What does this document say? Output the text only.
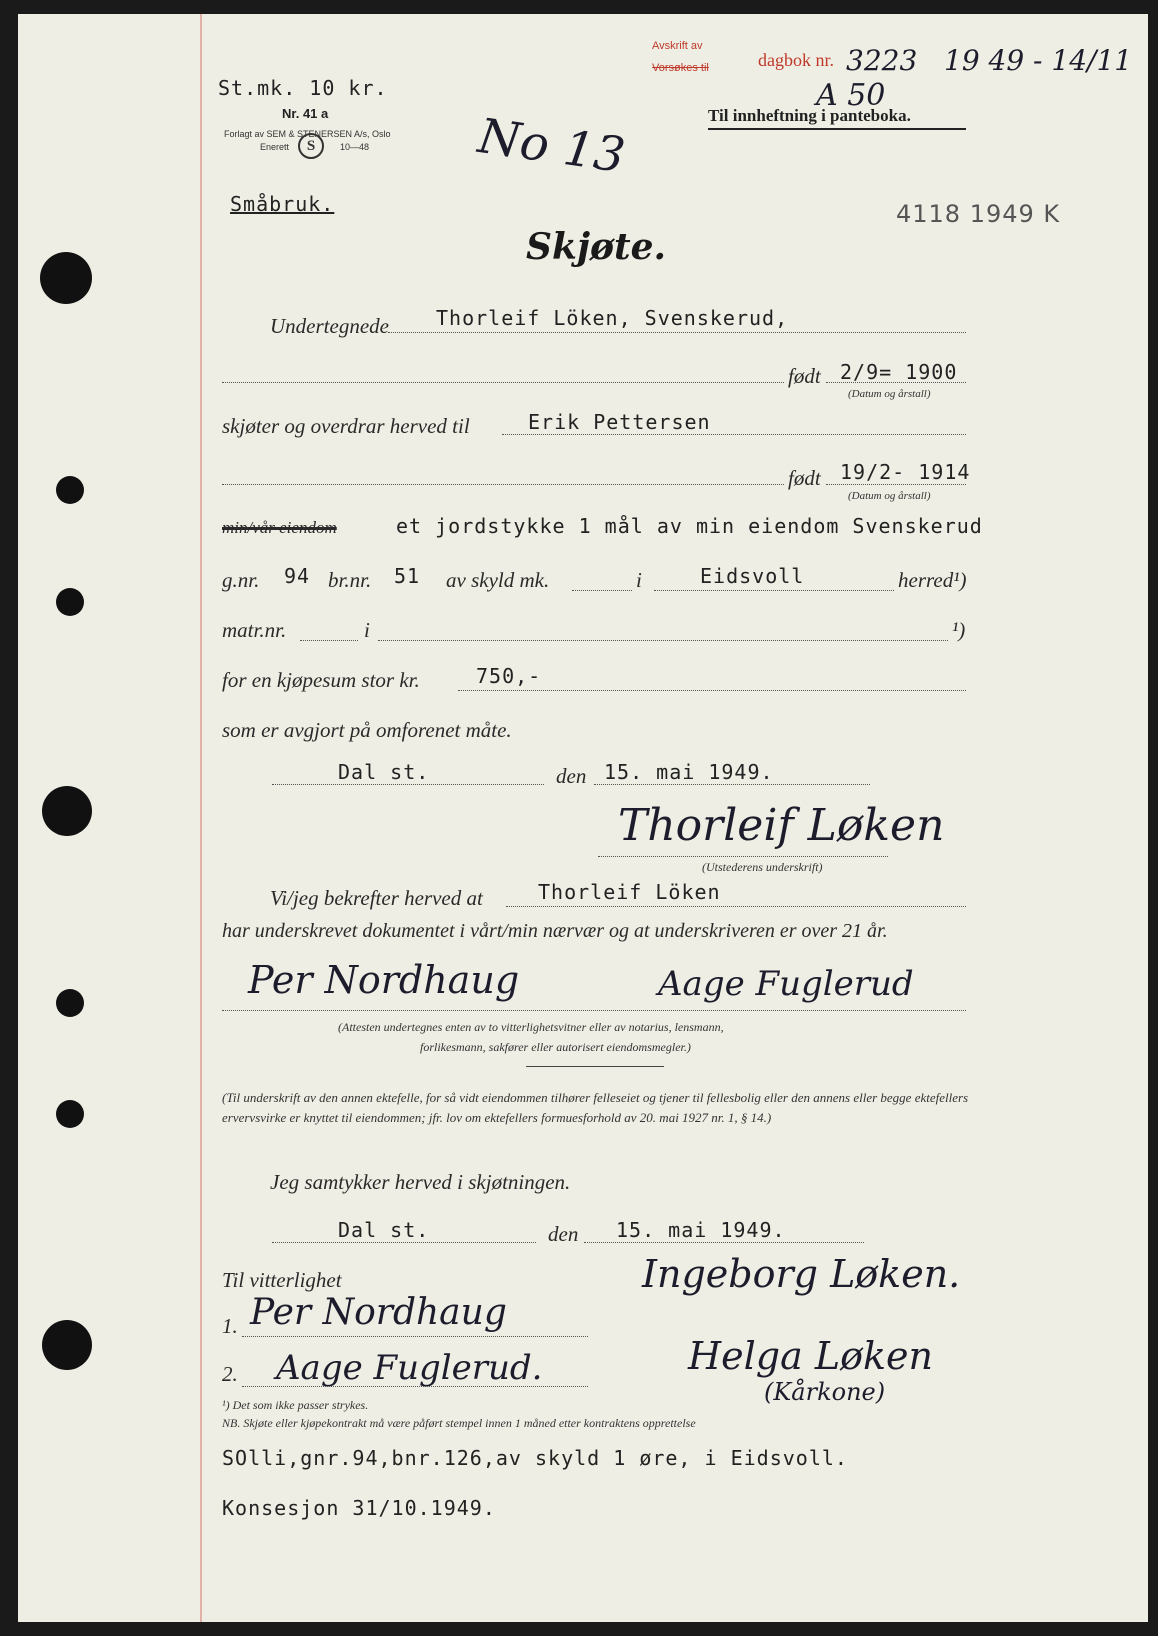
St.mk. 10 kr.
Nr. 41 a
Forlagt av SEM & STENERSEN A/s, Oslo
Enerett	S	10—48
Avskrift av
Vorsøkes til	dagbok nr. 3223 19 49 - 14/11
A 50
Til innheftning i panteboka.
No 13
Småbruk.	4118 1949 K
Skjøte.
Undertegnede Thorleif Löken, Svenskerud,
født 2/9= 1900
(Datum og årstall)
skjøter og overdrar herved til	Erik Pettersen
født 19/2- 1914
(Datum og årstall)
min/vår eiendom	et jordstykke 1 mål av min eiendom Svenskerud
g.nr. 94 br.nr. 51 av skyld mk.	i	Eidsvoll	herred¹)
matr.nr.	i	¹)
for en kjøpesum stor kr.	750,-
som er avgjort på omforenet måte.
Dal st.	den 15. mai 1949.
Thorleif Løken
(Utstederens underskrift)
Vi/jeg bekrefter herved at	Thorleif Löken
har underskrevet dokumentet i vårt/min nærvær og at underskriveren er over 21 år.
Per Nordhaug	Aage Fuglerud
(Attesten undertegnes enten av to vitterlighetsvitner eller av notarius, lensmann,
forlikesmann, sakfører eller autorisert eiendomsmegler.)
(Til underskrift av den annen ektefelle, for så vidt eiendommen tilhører felleseiet og tjener til fellesbolig eller den annens eller begge ektefellers ervervsvirke er knyttet til eiendommen; jfr. lov om ektefellers formuesforhold av 20. mai 1927 nr. 1, § 14.)
Jeg samtykker herved i skjøtningen.
Dal st.	den 15. mai 1949.
Til vitterlighet	Ingeborg Løken.
1. Per Nordhaug
Helga Løken
(Kårkone)
2. Aage Fuglerud.
¹) Det som ikke passer strykes.
NB. Skjøte eller kjøpekontrakt må være påført stempel innen 1 måned etter kontraktens opprettelse
SOlli,gnr.94,bnr.126,av skyld 1 øre, i Eidsvoll.
Konsesjon 31/10.1949.
